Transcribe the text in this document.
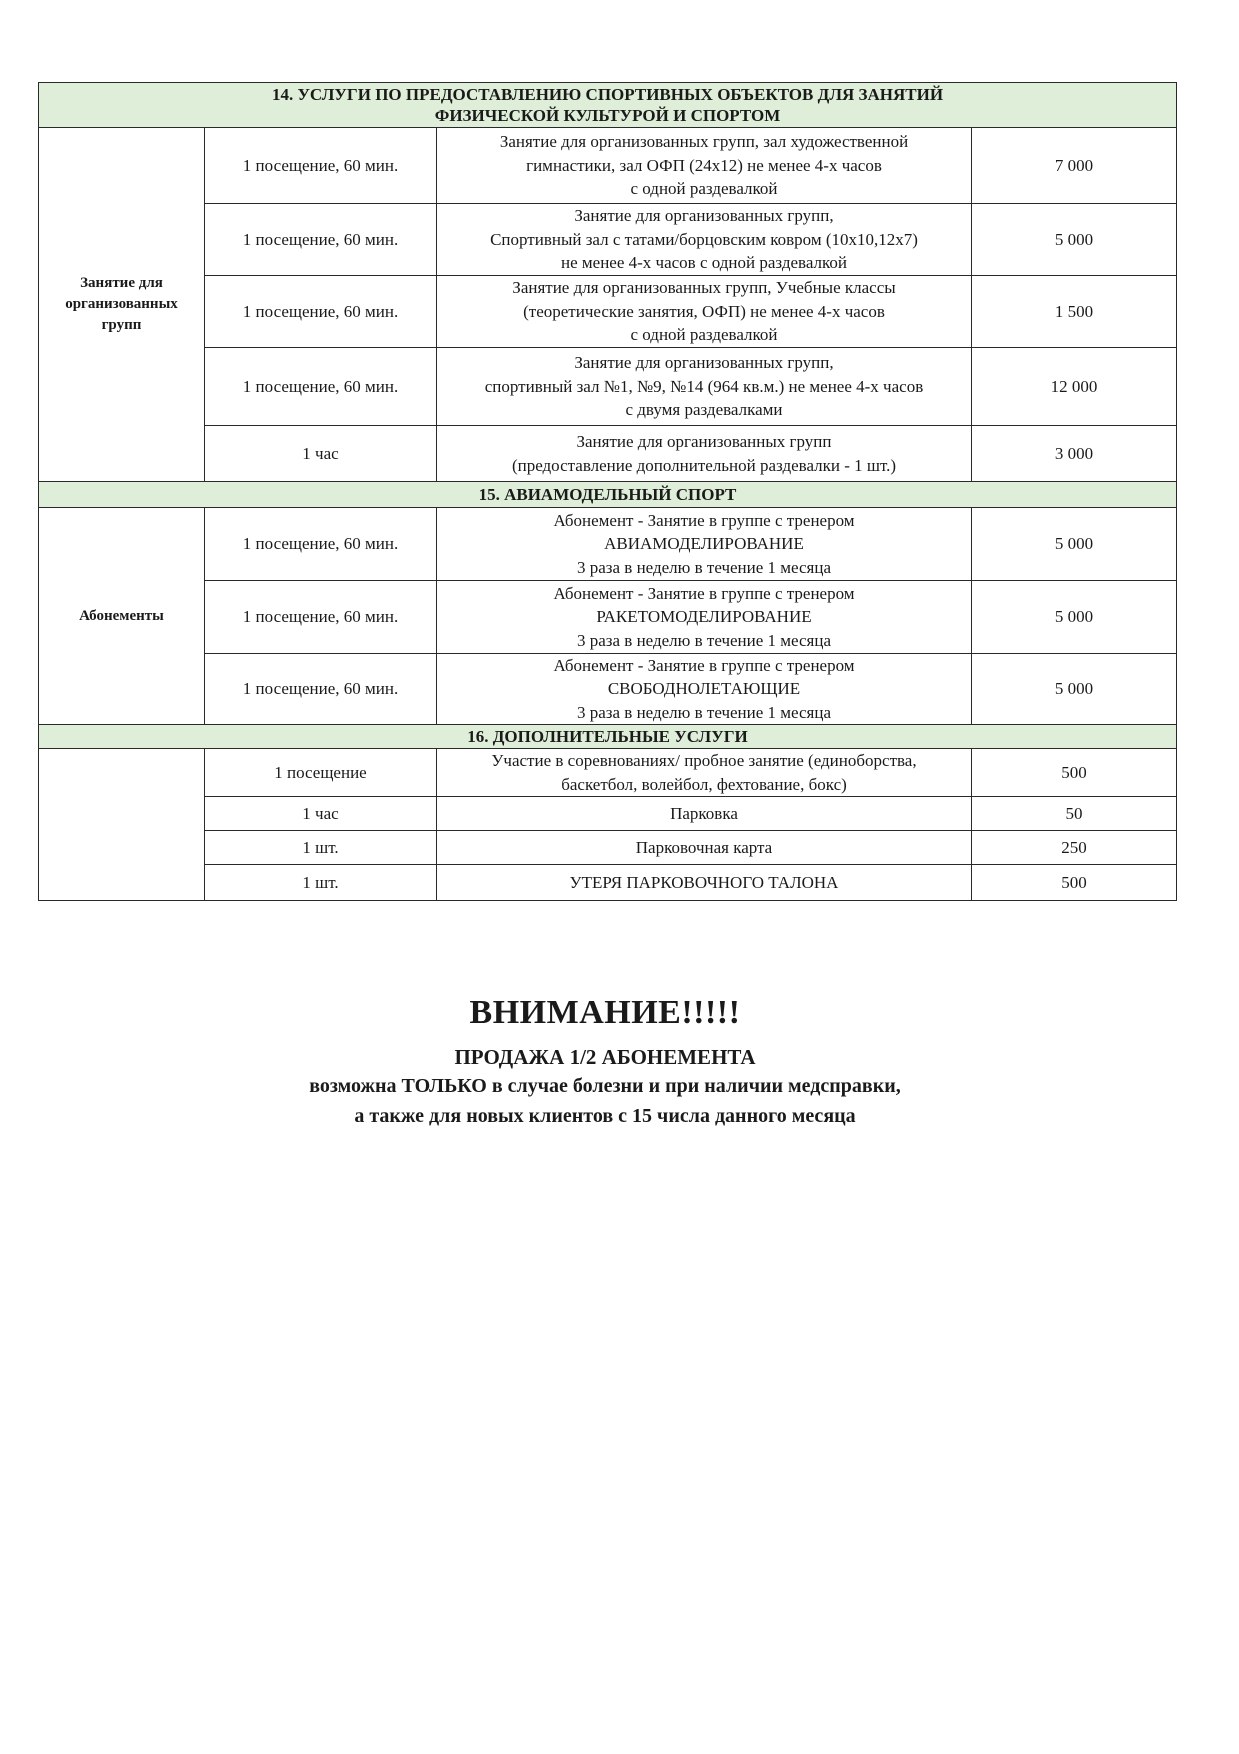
14. УСЛУГИ ПО ПРЕДОСТАВЛЕНИЮ СПОРТИВНЫХ ОБЪЕКТОВ ДЛЯ ЗАНЯТИЙ
ФИЗИЧЕСКОЙ КУЛЬТУРОЙ И СПОРТОМ			
Занятие для
организованных
групп	1 посещение, 60 мин.	Занятие для организованных групп, зал художественной
гимнастики, зал ОФП (24x12) не менее 4-х часов
с одной раздевалкой	7 000
	1 посещение, 60 мин.	Занятие для организованных групп,
Спортивный зал с татами/борцовским ковром (10x10,12x7)
не менее 4-х часов с одной раздевалкой	5 000
	1 посещение, 60 мин.	Занятие для организованных групп, Учебные классы
(теоретические занятия, ОФП) не менее 4-х часов
с одной раздевалкой	1 500
	1 посещение, 60 мин.	Занятие для организованных групп,
спортивный зал №1, №9, №14 (964 кв.м.) не менее 4-х часов
с двумя раздевалками	12 000
	1 час	Занятие для организованных групп
(предоставление дополнительной раздевалки - 1 шт.)	3 000
15. АВИАМОДЕЛЬНЫЙ СПОРТ			
Абонементы	1 посещение, 60 мин.	Абонемент - Занятие в группе с тренером
АВИАМОДЕЛИРОВАНИЕ
3 раза в неделю в течение 1 месяца	5 000
	1 посещение, 60 мин.	Абонемент - Занятие в группе с тренером
РАКЕТОМОДЕЛИРОВАНИЕ
3 раза в неделю в течение 1 месяца	5 000
	1 посещение, 60 мин.	Абонемент - Занятие в группе с тренером
СВОБОДНОЛЕТАЮЩИЕ
3 раза в неделю в течение 1 месяца	5 000
16. ДОПОЛНИТЕЛЬНЫЕ УСЛУГИ			
	1 посещение	Участие в соревнованиях/ пробное занятие (единоборства,
баскетбол, волейбол, фехтование, бокс)	500
	1 час	Парковка	50
	1 шт.	Парковочная карта	250
	1 шт.	УТЕРЯ ПАРКОВОЧНОГО ТАЛОНА	500
ВНИМАНИЕ!!!!!
ПРОДАЖА 1/2 АБОНЕМЕНТА
возможна ТОЛЬКО в случае болезни и при наличии медсправки,
а также для новых клиентов с 15 числа данного месяца
